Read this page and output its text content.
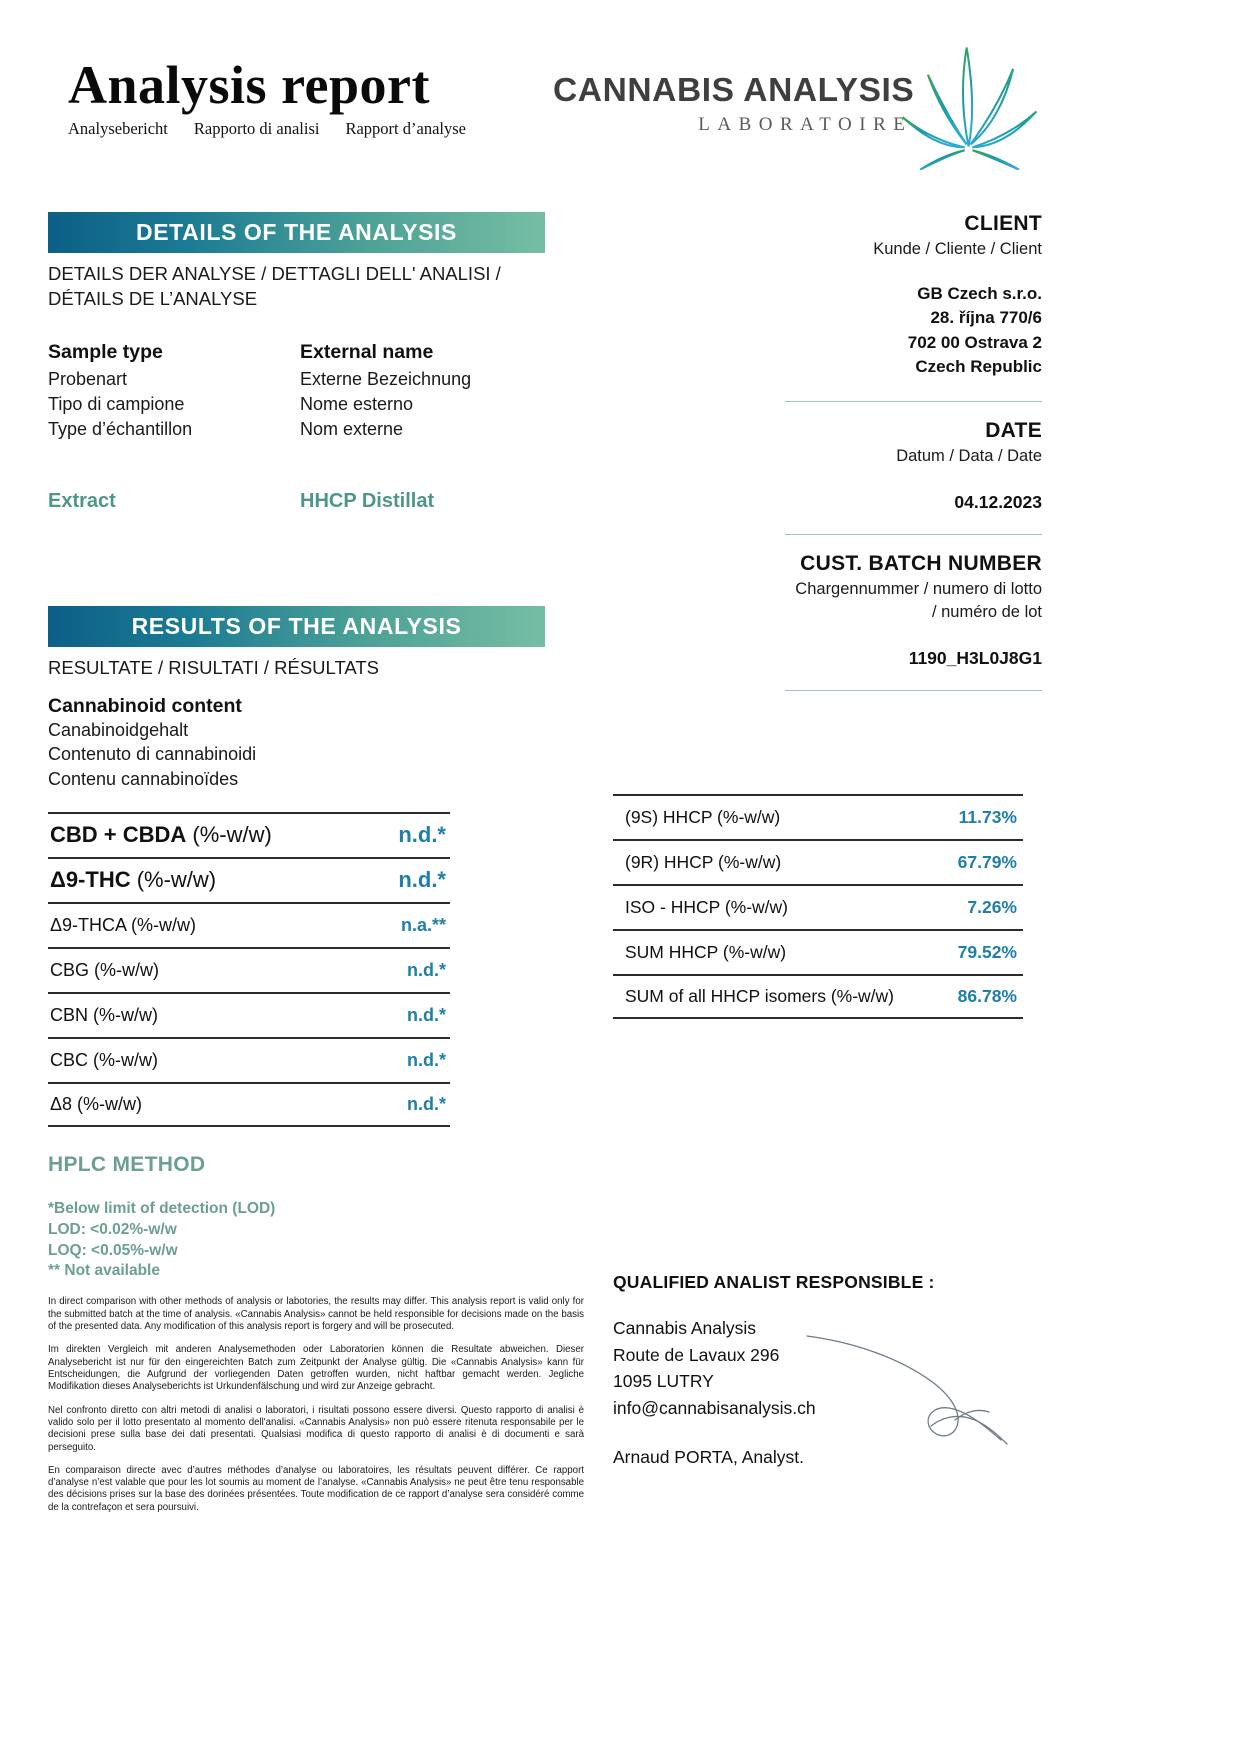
Analysis report
Analysebericht Rapporto di analisi Rapport d’analyse
CANNABIS ANALYSIS
LABORATOIRE
DETAILS OF THE ANALYSIS
DETAILS DER ANALYSE / DETTAGLI DELL' ANALISI /
DÉTAILS DE L’ANALYSE
Sample type
Probenart
Tipo di campione
Type d’échantillon
Extract
External name
Externe Bezeichnung
Nome esterno
Nom externe
HHCP Distillat
RESULTS OF THE ANALYSIS
RESULTATE / RISULTATI / RÉSULTATS
Cannabinoid content
Canabinoidgehalt
Contenuto di cannabinoidi
Contenu cannabinoïdes
CBD + CBDA (%-w/w)	n.d.*
Δ9-THC (%-w/w)	n.d.*
Δ9-THCA (%-w/w)	n.a.**
CBG (%-w/w)	n.d.*
CBN (%-w/w)	n.d.*
CBC (%-w/w)	n.d.*
Δ8 (%-w/w)	n.d.*
HPLC METHOD
*Below limit of detection (LOD)
LOD: <0.02%-w/w
LOQ: <0.05%-w/w
** Not available

In direct comparison with other methods of analysis or labotories, the results may differ. This analysis report is valid only for the submitted batch at the time of analysis. «Cannabis Analysis» cannot be held responsible for decisions made on the basis of the presented data. Any modification of this analysis report is forgery and will be prosecuted.

Im direkten Vergleich mit anderen Analysemethoden oder Laboratorien können die Resultate abweichen. Dieser Analysebericht ist nur für den eingereichten Batch zum Zeitpunkt der Analyse gültig. Die «Cannabis Analysis» kann für Entscheidungen, die Aufgrund der vorliegenden Daten getroffen wurden, nicht haftbar gemacht werden. Jegliche Modifikation dieses Analyseberichts ist Urkundenfälschung und wird zur Anzeige gebracht.

Nel confronto diretto con altri metodi di analisi o laboratori, i risultati possono essere diversi. Questo rapporto di analisi è valido solo per il lotto presentato al momento dell'analisi. «Cannabis Analysis» non può essere ritenuta responsabile per le decisioni prese sulla base dei dati presentati. Qualsiasi modifica di questo rapporto di analisi è di documenti e sarà perseguito.

En comparaison directe avec d’autres méthodes d’analyse ou laboratoires, les résultats peuvent différer. Ce rapport d’analyse n’est valable que pour les lot soumis au moment de l’analyse. «Cannabis Analysis» ne peut être tenu responsable des décisions prises sur la base des dorinées présentées. Toute modification de ce rapport d’analyse sera considéré comme de la contrefaçon et sera poursuivi.

CLIENT
Kunde / Cliente / Client
GB Czech s.r.o.
28. října 770/6
702 00 Ostrava 2
Czech Republic
DATE
Datum / Data / Date
04.12.2023
CUST. BATCH NUMBER
Chargennummer / numero di lotto
/ numéro de lot
1190_H3L0J8G1
(9S) HHCP (%-w/w)	11.73%
(9R) HHCP (%-w/w)	67.79%
ISO - HHCP (%-w/w)	7.26%
SUM HHCP (%-w/w)	79.52%
SUM of all HHCP isomers (%-w/w)	86.78%
QUALIFIED ANALIST RESPONSIBLE :
Cannabis Analysis
Route de Lavaux 296
1095 LUTRY
info@cannabisanalysis.ch
Arnaud PORTA, Analyst.
